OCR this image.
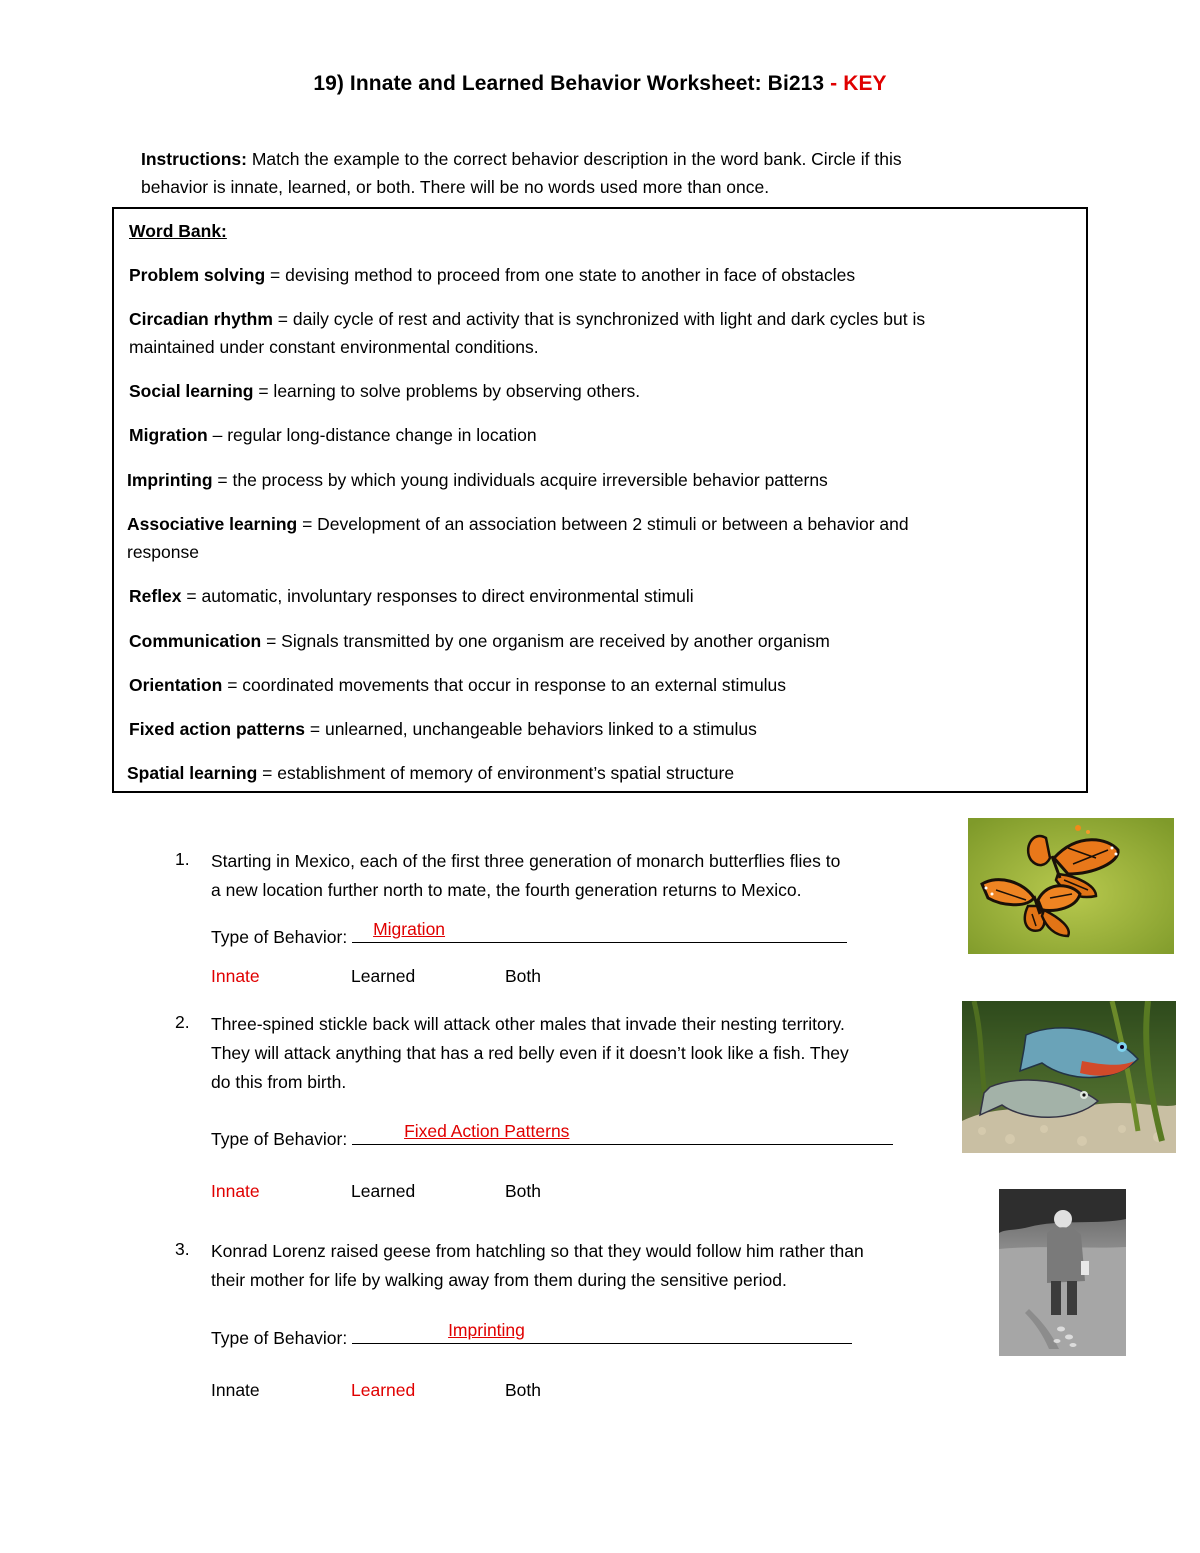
19) Innate and Learned Behavior Worksheet: Bi213 - KEY
Instructions: Match the example to the correct behavior description in the word bank. Circle if this
behavior is innate, learned, or both. There will be no words used more than once.
Word Bank:
Problem solving = devising method to proceed from one state to another in face of obstacles
Circadian rhythm = daily cycle of rest and activity that is synchronized with light and dark cycles but is
maintained under constant environmental conditions.
Social learning = learning to solve problems by observing others.
Migration – regular long-distance change in location
Imprinting = the process by which young individuals acquire irreversible behavior patterns
Associative learning = Development of an association between 2 stimuli or between a behavior and
response
Reflex = automatic, involuntary responses to direct environmental stimuli
Communication = Signals transmitted by one organism are received by another organism
Orientation = coordinated movements that occur in response to an external stimulus
Fixed action patterns = unlearned, unchangeable behaviors linked to a stimulus
Spatial learning = establishment of memory of environment’s spatial structure
1. Starting in Mexico, each of the first three generation of monarch butterflies flies to
a new location further north to mate, the fourth generation returns to Mexico.
Type of Behavior: Migration
Innate	Learned	Both
2. Three-spined stickle back will attack other males that invade their nesting territory.
They will attack anything that has a red belly even if it doesn’t look like a fish. They
do this from birth.
Type of Behavior:	Fixed Action Patterns
Innate	Learned	Both
3. Konrad Lorenz raised geese from hatchling so that they would follow him rather than
their mother for life by walking away from them during the sensitive period.
Type of Behavior:	Imprinting
Innate	Learned	Both
